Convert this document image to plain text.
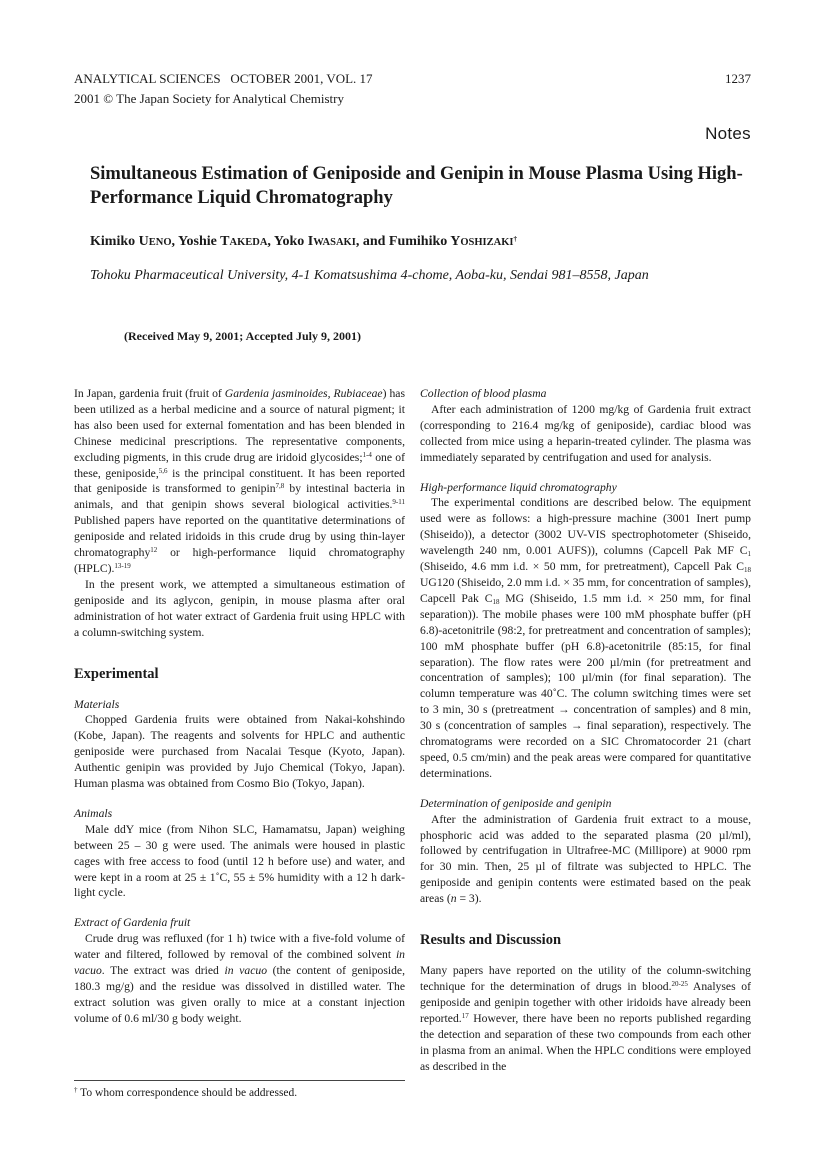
ANALYTICAL SCIENCES   OCTOBER 2001, VOL. 17
2001 © The Japan Society for Analytical Chemistry
1237
Notes
Simultaneous Estimation of Geniposide and Genipin in Mouse Plasma Using High-Performance Liquid Chromatography
Kimiko UENO, Yoshie TAKEDA, Yoko IWASAKI, and Fumihiko YOSHIZAKI†
Tohoku Pharmaceutical University, 4-1 Komatsushima 4-chome, Aoba-ku, Sendai 981–8558, Japan
(Received May 9, 2001; Accepted July 9, 2001)

In Japan, gardenia fruit (fruit of Gardenia jasminoides, Rubiaceae) has been utilized as a herbal medicine and a source of natural pigment; it has also been used for external fomentation and has been blended in Chinese medicinal prescriptions. The representative components, excluding pigments, in this crude drug are iridoid glycosides;$^{1-4}$ one of these, geniposide,$^{5,6}$ is the principal constituent. It has been reported that geniposide is transformed to genipin$^{7,8}$ by intestinal bacteria in animals, and that genipin shows several biological activities.$^{9-11}$ Published papers have reported on the quantitative determinations of geniposide and related iridoids in this crude drug by using thin-layer chromatography$^{12}$ or high-performance liquid chromatography (HPLC).$^{13-19}$

In the present work, we attempted a simultaneous estimation of geniposide and its aglycon, genipin, in mouse plasma after oral administration of hot water extract of Gardenia fruit using HPLC with a column-switching system.

Experimental
Materials

Chopped Gardenia fruits were obtained from Nakai-kohshindo (Kobe, Japan). The reagents and solvents for HPLC and authentic geniposide were purchased from Nacalai Tesque (Kyoto, Japan). Authentic genipin was provided by Jujo Chemical (Tokyo, Japan). Human plasma was obtained from Cosmo Bio (Tokyo, Japan).

Animals

Male ddY mice (from Nihon SLC, Hamamatsu, Japan) weighing between 25 – 30 g were used. The animals were housed in plastic cages with free access to food (until 12 h before use) and water, and were kept in a room at 25 ± 1˚C, 55 ± 5% humidity with a 12 h dark-light cycle.

Extract of Gardenia fruit

Crude drug was refluxed (for 1 h) twice with a five-fold volume of water and filtered, followed by removal of the combined solvent in vacuo. The extract was dried in vacuo (the content of geniposide, 180.3 mg/g) and the residue was dissolved in distilled water. The extract solution was given orally to mice at a constant injection volume of 0.6 ml/30 g body weight.

Collection of blood plasma

After each administration of 1200 mg/kg of Gardenia fruit extract (corresponding to 216.4 mg/kg of geniposide), cardiac blood was collected from mice using a heparin-treated cylinder. The plasma was immediately separated by centrifugation and used for analysis.

High-performance liquid chromatography

The experimental conditions are described below. The equipment used were as follows: a high-pressure machine (3001 Inert pump (Shiseido)), a detector (3002 UV-VIS spectrophotometer (Shiseido, wavelength 240 nm, 0.001 AUFS)), columns (Capcell Pak MF $C_1$ (Shiseido, 4.6 mm i.d. × 50 mm, for pretreatment), Capcell Pak $C_{18}$ UG120 (Shiseido, 2.0 mm i.d. × 35 mm, for concentration of samples), Capcell Pak $C_{18}$ MG (Shiseido, 1.5 mm i.d. × 250 mm, for final separation)). The mobile phases were 100 mM phosphate buffer (pH 6.8)-acetonitrile (98:2, for pretreatment and concentration of samples); 100 mM phosphate buffer (pH 6.8)-acetonitrile (85:15, for final separation). The flow rates were 200 µl/min (for pretreatment and concentration of samples); 100 µl/min (for final separation). The column temperature was 40˚C. The column switching times were set to 3 min, 30 s (pretreatment → concentration of samples) and 8 min, 30 s (concentration of samples → final separation), respectively. The chromatograms were recorded on a SIC Chromatocorder 21 (chart speed, 0.5 cm/min) and the peak areas were compared for quantitative determinations.

Determination of geniposide and genipin

After the administration of Gardenia fruit extract to a mouse, phosphoric acid was added to the separated plasma (20 µl/ml), followed by centrifugation in Ultrafree-MC (Millipore) at 9000 rpm for 30 min. Then, 25 µl of filtrate was subjected to HPLC. The geniposide and genipin contents were estimated based on the peak areas (n = 3).

Results and Discussion

Many papers have reported on the utility of the column-switching technique for the determination of drugs in blood.$^{20-25}$ Analyses of geniposide and genipin together with other iridoids have already been reported.$^{17}$ However, there have been no reports published regarding the detection and separation of these two compounds from each other in plasma from an animal. When the HPLC conditions were employed as described in the

† To whom correspondence should be addressed.
